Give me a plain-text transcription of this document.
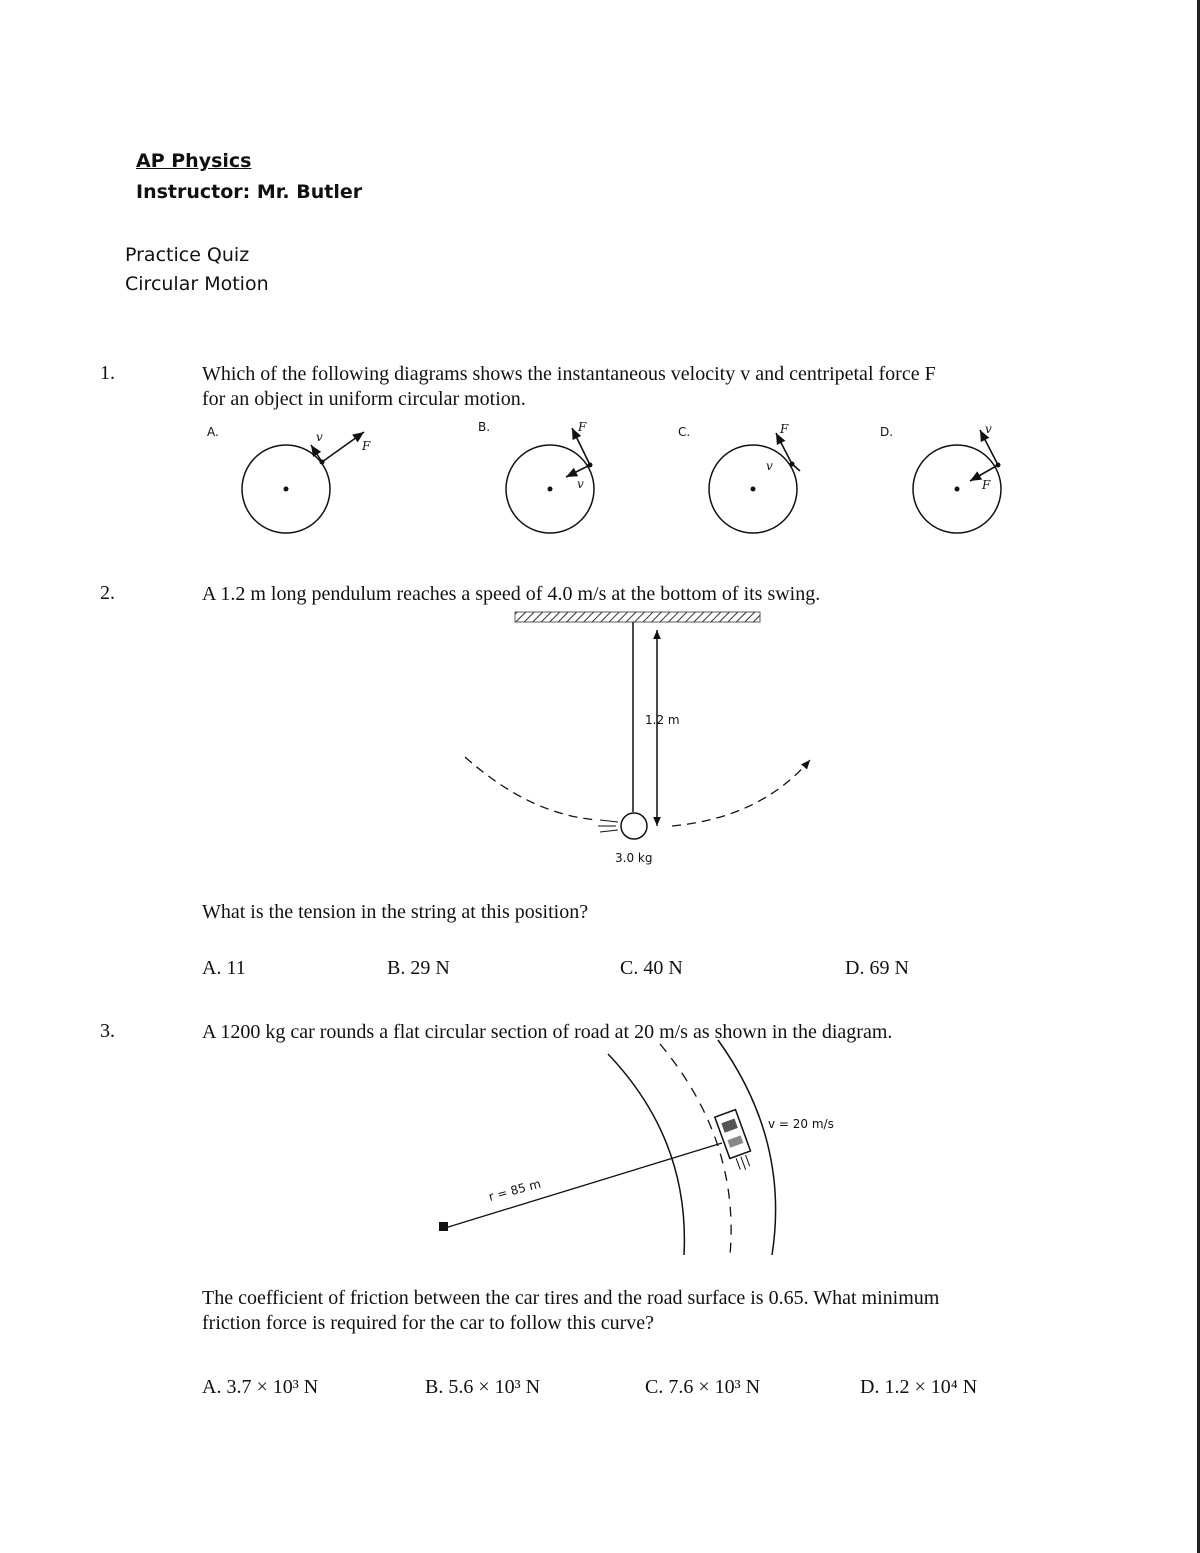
AP Physics
Instructor: Mr. Butler
Practice Quiz
Circular Motion
1.	Which of the following diagrams shows the instantaneous velocity v and centripetal force F
for an object in uniform circular motion.
A.	B.	C.	D.
v
F
F
v
F
v
v
F
2.	A 1.2 m long pendulum reaches a speed of 4.0 m/s at the bottom of its swing.
1.2 m
3.0 kg
What is the tension in the string at this position?
A. 11	B. 29 N	C. 40 N	D. 69 N
3.	A 1200 kg car rounds a flat circular section of road at 20 m/s as shown in the diagram.
r = 85 m
v = 20 m/s
The coefficient of friction between the car tires and the road surface is 0.65. What minimum
friction force is required for the car to follow this curve?
A. 3.7 × 10³ N	B. 5.6 × 10³ N	C. 7.6 × 10³ N	D. 1.2 × 10⁴ N
